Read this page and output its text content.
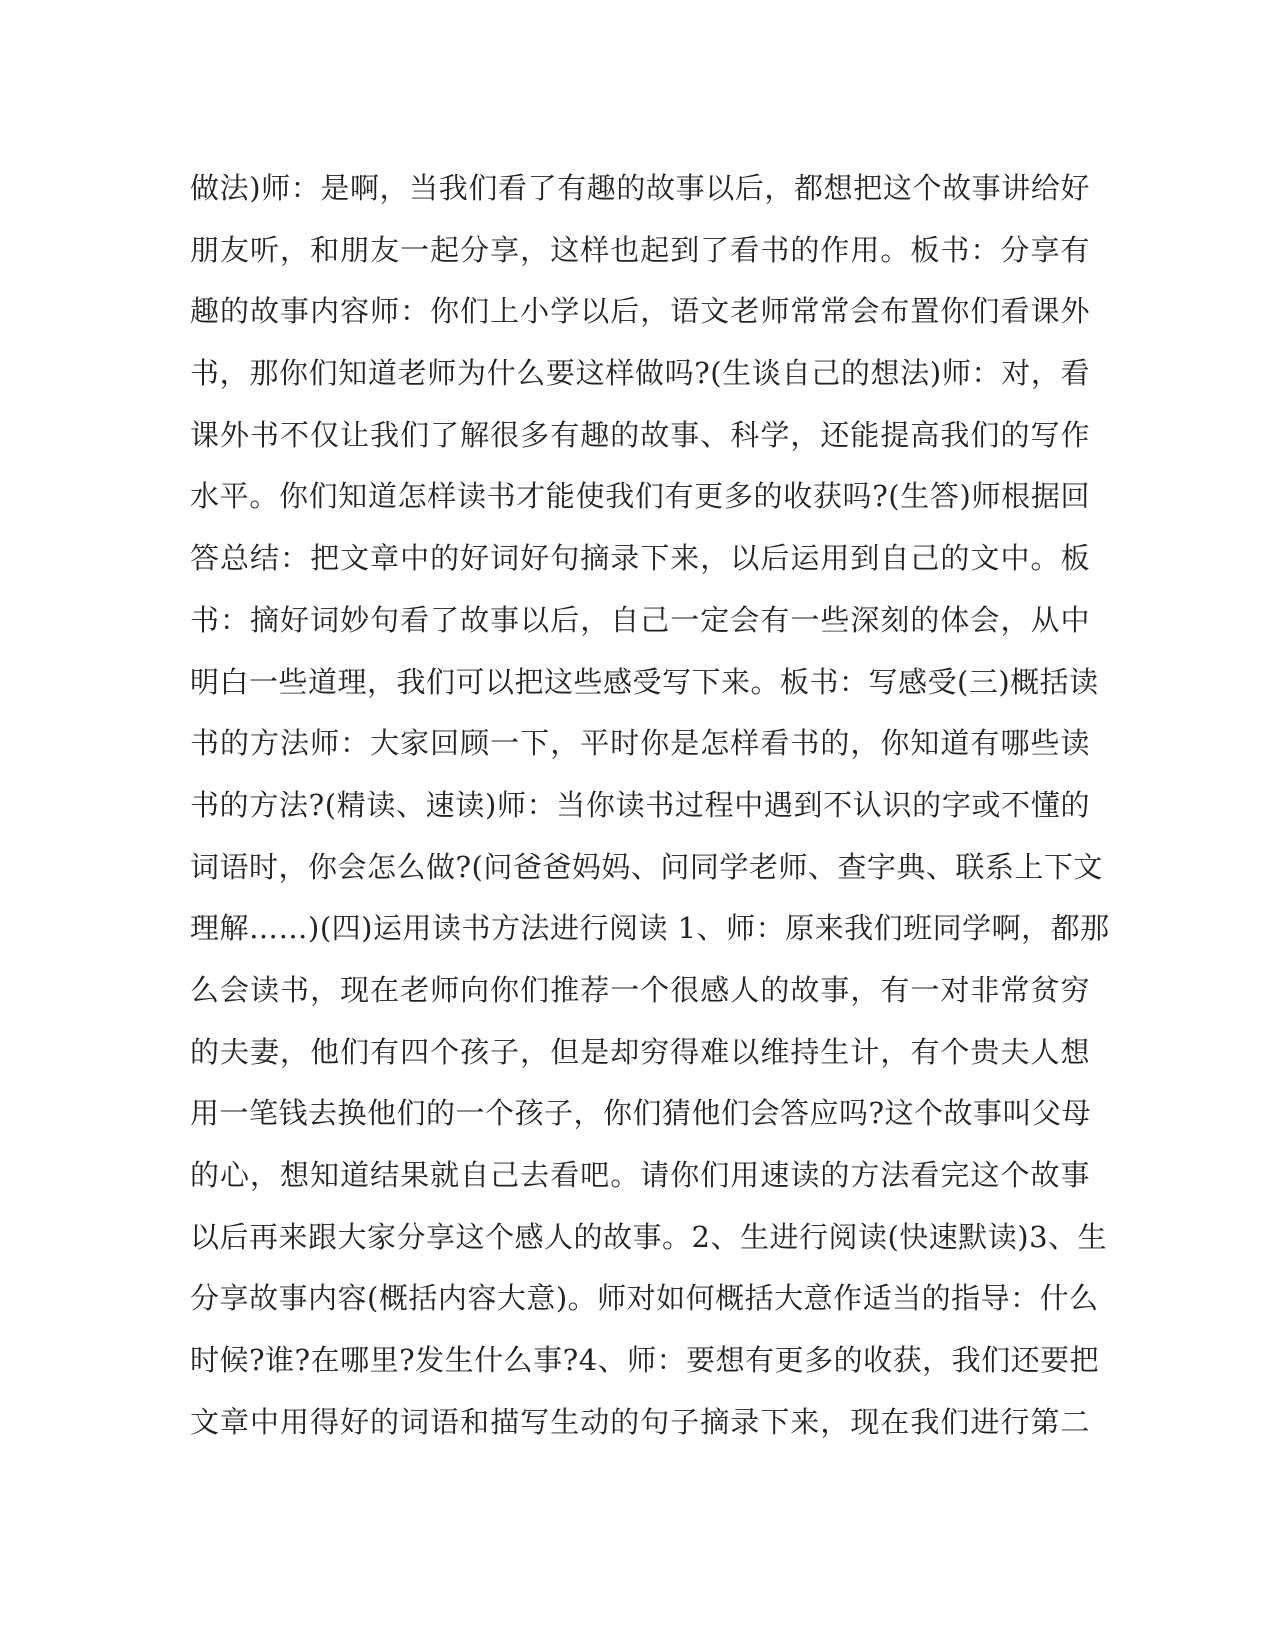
做法)师：是啊，当我们看了有趣的故事以后，都想把这个故事讲给好
朋友听，和朋友一起分享，这样也起到了看书的作用。板书：分享有
趣的故事内容师：你们上小学以后，语文老师常常会布置你们看课外
书，那你们知道老师为什么要这样做吗?(生谈自己的想法)师：对，看
课外书不仅让我们了解很多有趣的故事、科学，还能提高我们的写作
水平。你们知道怎样读书才能使我们有更多的收获吗?(生答)师根据回
答总结：把文章中的好词好句摘录下来，以后运用到自己的文中。板
书：摘好词妙句看了故事以后，自己一定会有一些深刻的体会，从中
明白一些道理，我们可以把这些感受写下来。板书：写感受(三)概括读
书的方法师：大家回顾一下，平时你是怎样看书的，你知道有哪些读
书的方法?(精读、速读)师：当你读书过程中遇到不认识的字或不懂的
词语时，你会怎么做?(问爸爸妈妈、问同学老师、查字典、联系上下文
理解……)(四)运用读书方法进行阅读 1、师：原来我们班同学啊，都那
么会读书，现在老师向你们推荐一个很感人的故事，有一对非常贫穷
的夫妻，他们有四个孩子，但是却穷得难以维持生计，有个贵夫人想
用一笔钱去换他们的一个孩子，你们猜他们会答应吗?这个故事叫父母
的心，想知道结果就自己去看吧。请你们用速读的方法看完这个故事
以后再来跟大家分享这个感人的故事。2、生进行阅读(快速默读)3、生
分享故事内容(概括内容大意)。师对如何概括大意作适当的指导：什么
时候?谁?在哪里?发生什么事?4、师：要想有更多的收获，我们还要把
文章中用得好的词语和描写生动的句子摘录下来，现在我们进行第二
